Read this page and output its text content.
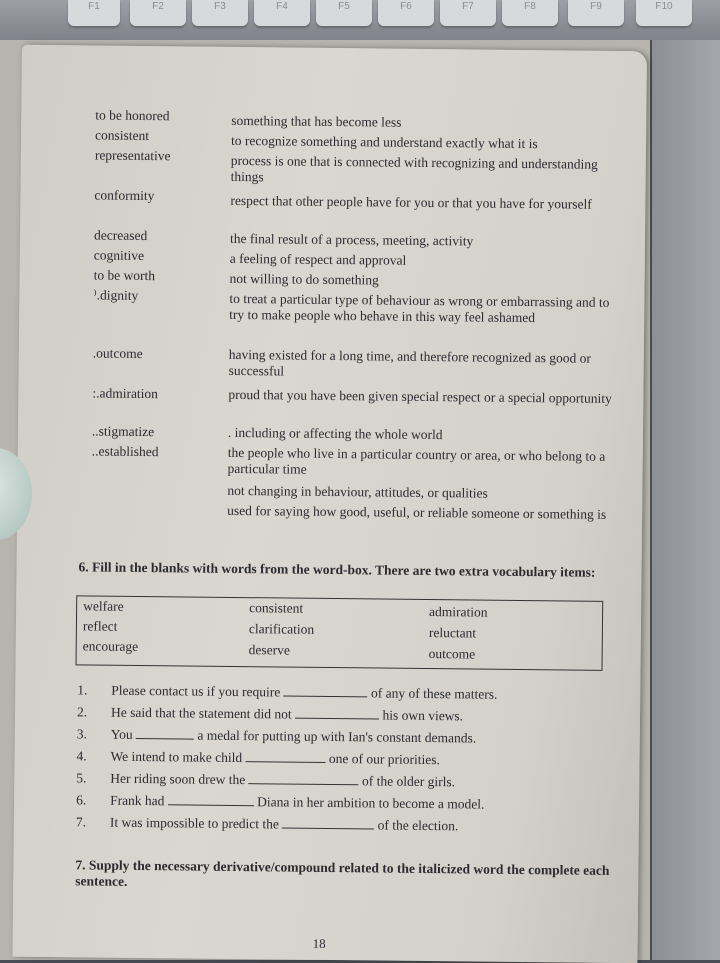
F2	F3	F4	F5	F6	F7	F8	F9	F10
F1
to be honored	something that has become less
consistent	to recognize something and understand exactly what it is
representative	process is one that is connected with recognizing and understanding things
conformity	respect that other people have for you or that you have for yourself
decreased	the final result of a process, meeting, activity
cognitive	a feeling of respect and approval
to be worth	not willing to do something
⁾.dignity	to treat a particular type of behaviour as wrong or embarrassing and to try to make people who behave in this way feel ashamed
.outcome	having existed for a long time, and therefore recognized as good or successful
:.admiration	proud that you have been given special respect or a special opportunity
..stigmatize	. including or affecting the whole world
..established	the people who live in a particular country or area, or who belong to a particular time
not changing in behaviour, attitudes, or qualities
used for saying how good, useful, or reliable someone or something is
6. Fill in the blanks with words from the word-box. There are two extra vocabulary items:
welfare	consistent	admiration
reflect	clarification	reluctant
encourage	deserve	outcome
1. Please contact us if you require	of any of these matters.
2. He said that the statement did not	his own views.
3. You	a medal for putting up with Ian's constant demands.
4. We intend to make child	one of our priorities.
5. Her riding soon drew the	of the older girls.
6. Frank had	Diana in her ambition to become a model.
7. It was impossible to predict the	of the election.
7. Supply the necessary derivative/compound related to the italicized word the complete each sentence.
18
